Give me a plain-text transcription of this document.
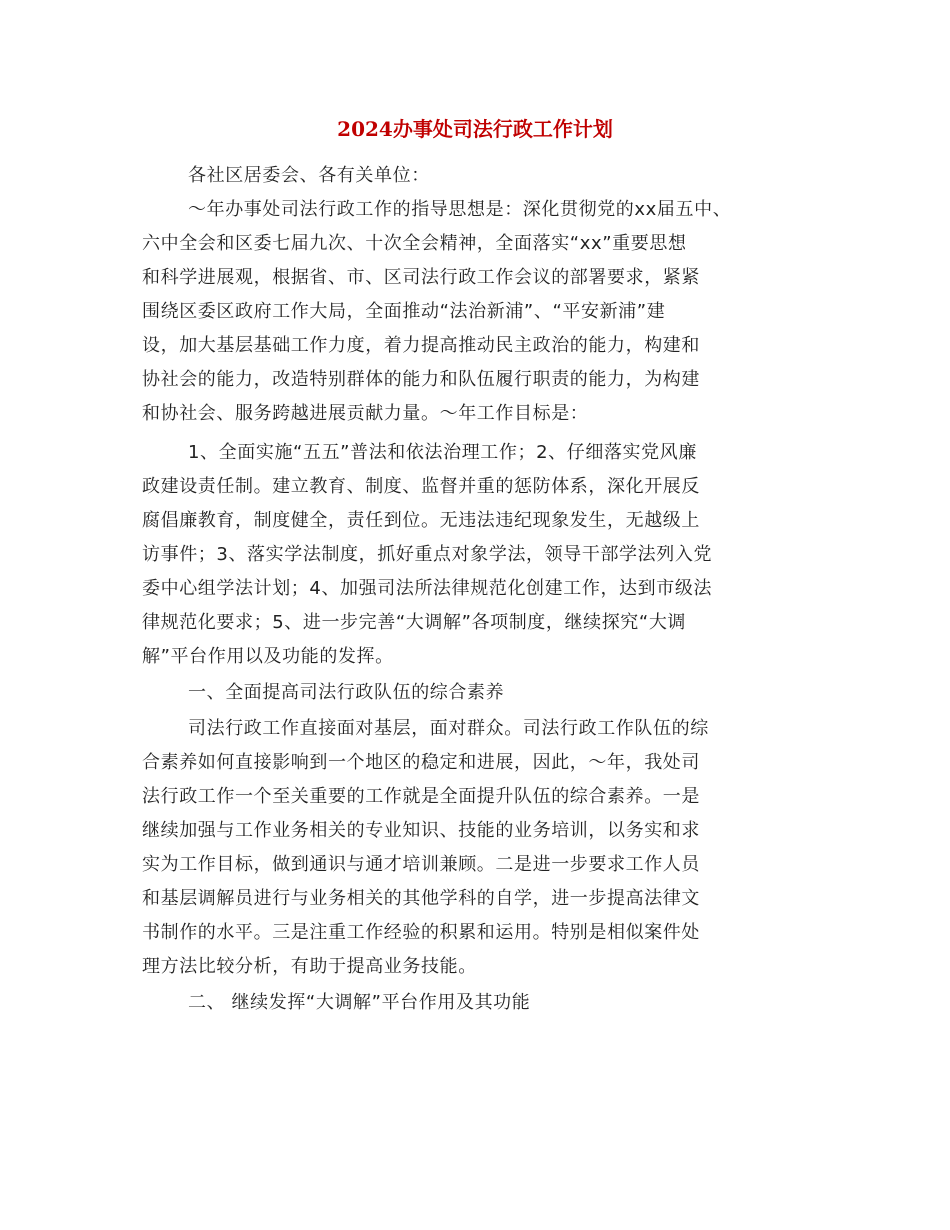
2024办事处司法行政工作计划
各社区居委会、各有关单位：
～年办事处司法行政工作的指导思想是：深化贯彻党的xx届五中、
六中全会和区委七届九次、十次全会精神，全面落实“xx”重要思想
和科学进展观，根据省、市、区司法行政工作会议的部署要求，紧紧
围绕区委区政府工作大局，全面推动“法治新浦”、“平安新浦”建
设，加大基层基础工作力度，着力提高推动民主政治的能力，构建和
协社会的能力，改造特别群体的能力和队伍履行职责的能力，为构建
和协社会、服务跨越进展贡献力量。～年工作目标是：
1、全面实施“五五”普法和依法治理工作；2、仔细落实党风廉
政建设责任制。建立教育、制度、监督并重的惩防体系，深化开展反
腐倡廉教育，制度健全，责任到位。无违法违纪现象发生，无越级上
访事件；3、落实学法制度，抓好重点对象学法，领导干部学法列入党
委中心组学法计划；4、加强司法所法律规范化创建工作，达到市级法
律规范化要求；5、进一步完善“大调解”各项制度，继续探究“大调
解”平台作用以及功能的发挥。
一、全面提高司法行政队伍的综合素养
司法行政工作直接面对基层，面对群众。司法行政工作队伍的综
合素养如何直接影响到一个地区的稳定和进展，因此，～年，我处司
法行政工作一个至关重要的工作就是全面提升队伍的综合素养。一是
继续加强与工作业务相关的专业知识、技能的业务培训，以务实和求
实为工作目标，做到通识与通才培训兼顾。二是进一步要求工作人员
和基层调解员进行与业务相关的其他学科的自学，进一步提高法律文
书制作的水平。三是注重工作经验的积累和运用。特别是相似案件处
理方法比较分析，有助于提高业务技能。
二、 继续发挥“大调解”平台作用及其功能
